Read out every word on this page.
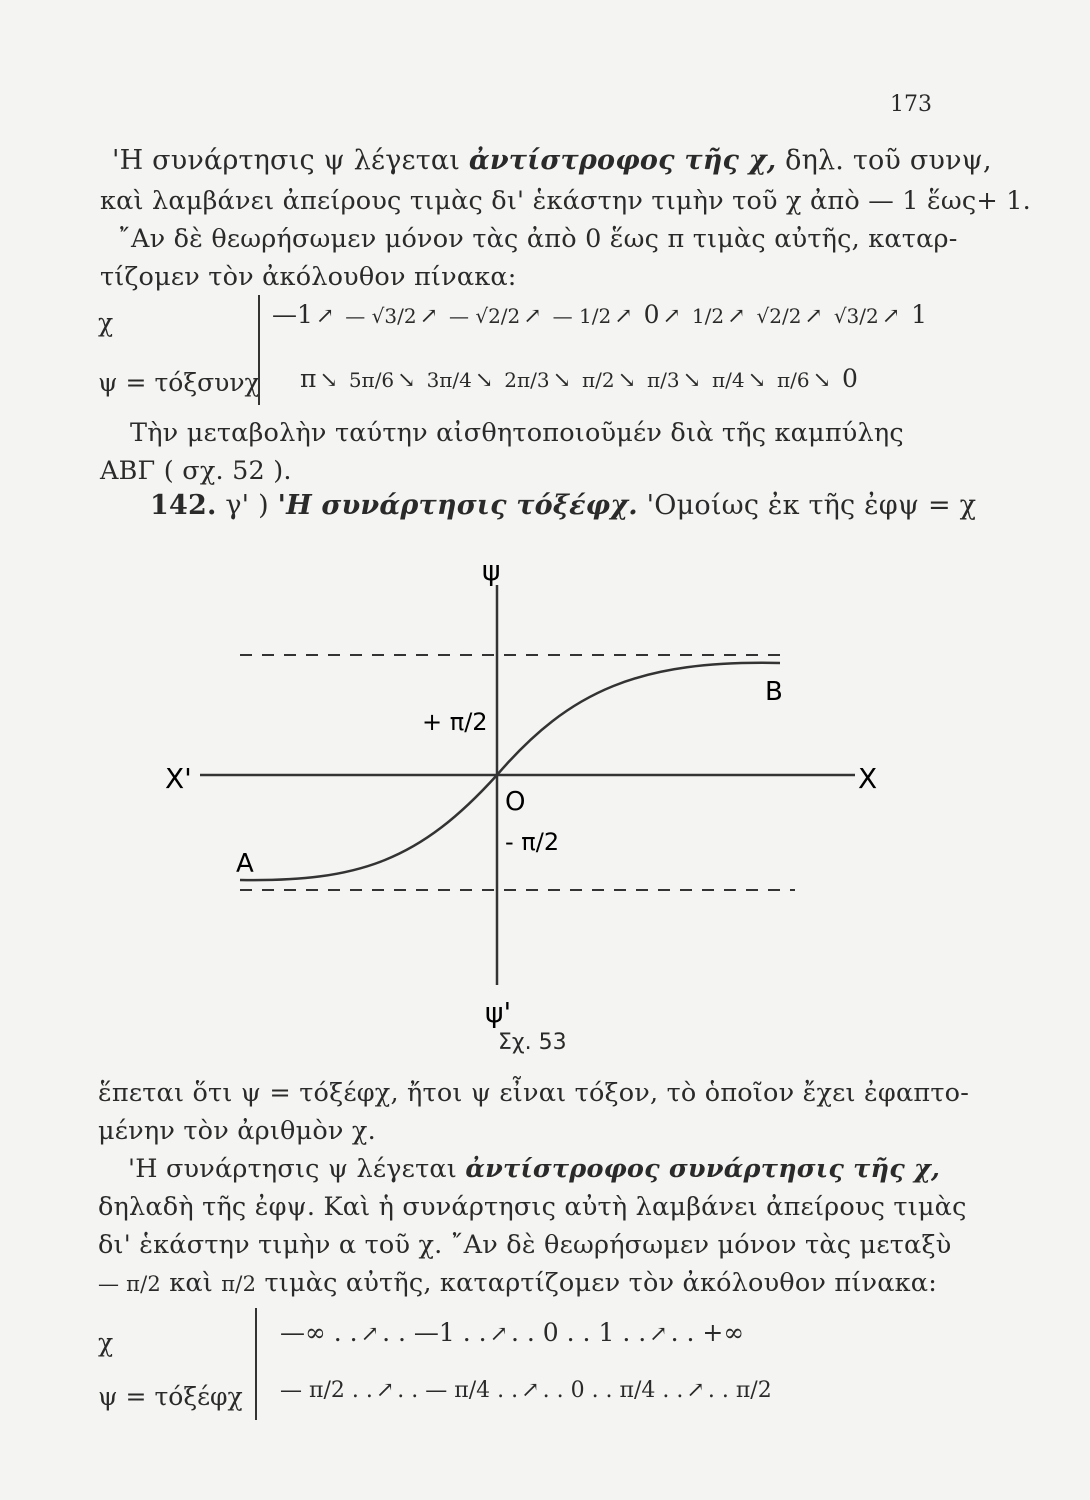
173
'Η συνάρτησις ψ λέγεται ἀντίστροφος τῆς χ, δηλ. τοῦ συνψ,
καὶ λαμβάνει ἀπείρους τιμὰς δι' ἑκάστην τιμὴν τοῦ χ ἀπὸ — 1 ἕως+ 1.
῎Αν δὲ θεωρήσωμεν μόνον τὰς ἀπὸ 0 ἕως π τιμὰς αὐτῆς, καταρ-
τίζομεν τὸν ἀκόλουθον πίνακα:
χ
ψ = τόξσυνχ
—1 ↗ — √3/2 ↗ — √2/2 ↗ — 1/2 ↗ 0 ↗ 1/2 ↗ √2/2 ↗ √3/2 ↗ 1
π ↘ 5π/6 ↘ 3π/4 ↘ 2π/3 ↘ π/2 ↘ π/3 ↘ π/4 ↘ π/6 ↘ 0
Τὴν μεταβολὴν ταύτην αἰσθητοποιοῦμέν διὰ τῆς καμπύλης
ΑΒΓ ( σχ. 52 ).
142. γ' ) 'Η συνάρτησις τόξέφχ. 'Ομοίως ἐκ τῆς ἐφψ = χ
ψ
ψ'
Χ'	Χ
Ο
Α
Β
+ π/2
- π/2
Σχ. 53
ἕπεται ὅτι ψ = τόξέφχ, ἤτοι ψ εἶναι τόξον, τὸ ὁποῖον ἔχει ἐφαπτο-
μένην τὸν ἀριθμὸν χ.
'Η συνάρτησις ψ λέγεται ἀντίστροφος συνάρτησις τῆς χ,
δηλαδὴ τῆς ἐφψ. Καὶ ἡ συνάρτησις αὐτὴ λαμβάνει ἀπείρους τιμὰς
δι' ἑκάστην τιμὴν α τοῦ χ. ῎Αν δὲ θεωρήσωμεν μόνον τὰς μεταξὺ
— π/2 καὶ π/2 τιμὰς αὐτῆς, καταρτίζομεν τὸν ἀκόλουθον πίνακα:
χ
ψ = τόξέφχ
—∞ . . ↗ . . —1 . . ↗ . . 0 . . 1 . . ↗ . . +∞
— π/2 . . ↗ . . — π/4 . . ↗ . . 0 . . π/4 . . ↗ . . π/2
